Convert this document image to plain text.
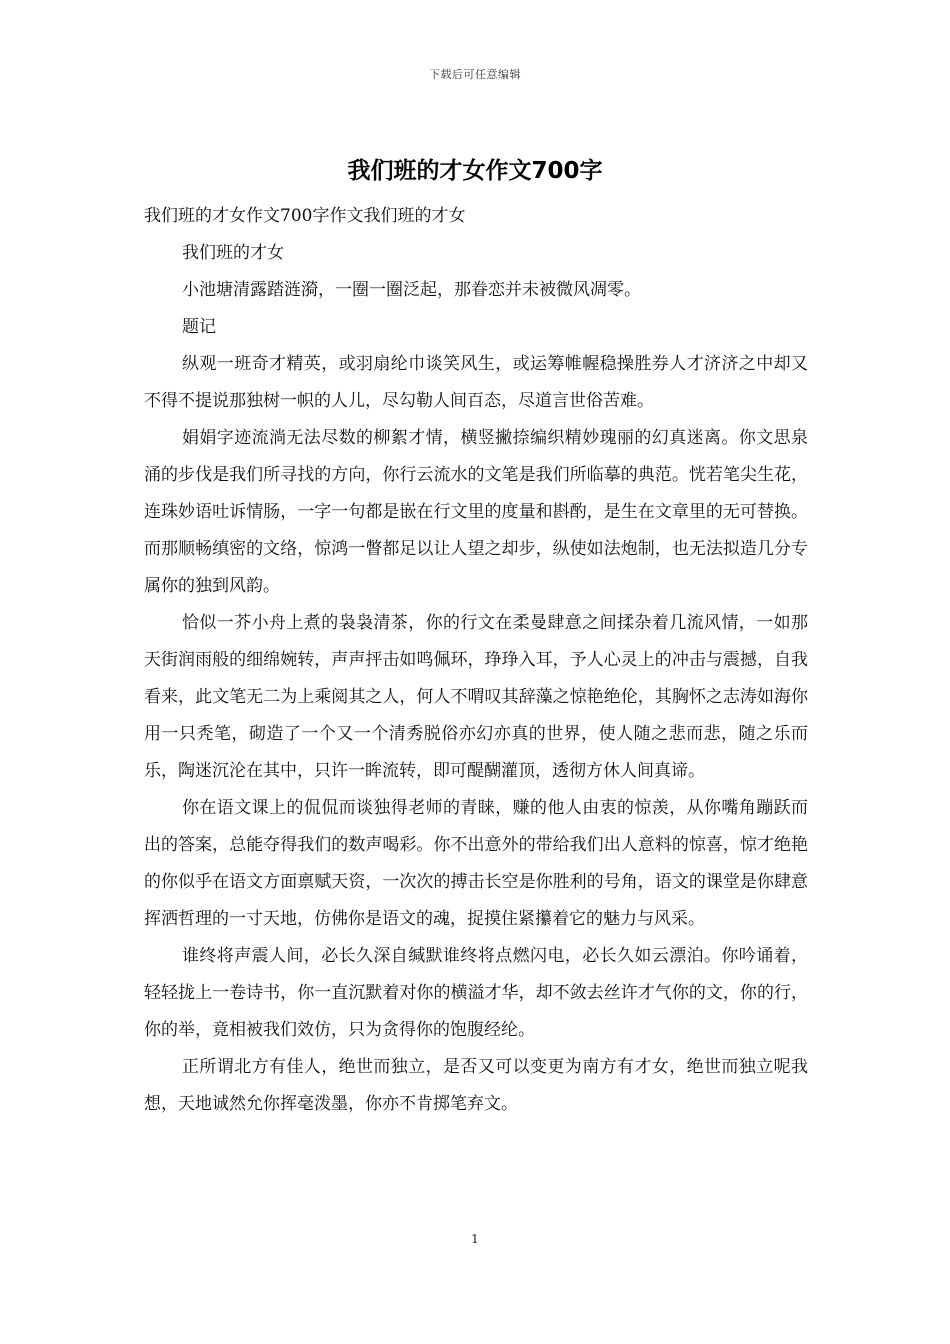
下载后可任意编辑
我们班的才女作文700字

我们班的才女作文700字作文我们班的才女

我们班的才女

小池塘清露踏涟漪，一圈一圈泛起，那眷恋并未被微风凋零。

题记

纵观一班奇才精英，或羽扇纶巾谈笑风生，或运筹帷幄稳操胜券人才济济之中却又不得不提说那独树一帜的人儿，尽勾勒人间百态，尽道言世俗苦难。

娟娟字迹流淌无法尽数的柳絮才情，横竖撇捺编织精妙瑰丽的幻真迷离。你文思泉涌的步伐是我们所寻找的方向，你行云流水的文笔是我们所临摹的典范。恍若笔尖生花，连珠妙语吐诉情肠，一字一句都是嵌在行文里的度量和斟酌，是生在文章里的无可替换。而那顺畅缜密的文络，惊鸿一瞥都足以让人望之却步，纵使如法炮制，也无法拟造几分专属你的独到风韵。

恰似一芥小舟上煮的袅袅清茶，你的行文在柔曼肆意之间揉杂着几流风情，一如那天街润雨般的细绵婉转，声声抨击如鸣佩环，琤琤入耳，予人心灵上的冲击与震撼，自我看来，此文笔无二为上乘阅其之人，何人不喟叹其辞藻之惊艳绝伦，其胸怀之志涛如海你用一只秃笔，砌造了一个又一个清秀脱俗亦幻亦真的世界，使人随之悲而悲，随之乐而乐，陶迷沉沦在其中，只许一眸流转，即可醍醐灌顶，透彻方休人间真谛。

你在语文课上的侃侃而谈独得老师的青睐，赚的他人由衷的惊羡，从你嘴角蹦跃而出的答案，总能夺得我们的数声喝彩。你不出意外的带给我们出人意料的惊喜，惊才绝艳的你似乎在语文方面禀赋天资，一次次的搏击长空是你胜利的号角，语文的课堂是你肆意挥洒哲理的一寸天地，仿佛你是语文的魂，捉摸住紧攥着它的魅力与风采。

谁终将声震人间，必长久深自缄默谁终将点燃闪电，必长久如云漂泊。你吟诵着，轻轻拢上一卷诗书，你一直沉默着对你的横溢才华，却不敛去丝许才气你的文，你的行，你的举，竟相被我们效仿，只为贪得你的饱腹经纶。

正所谓北方有佳人，绝世而独立，是否又可以变更为南方有才女，绝世而独立呢我想，天地诚然允你挥毫泼墨，你亦不肯掷笔弃文。

1
